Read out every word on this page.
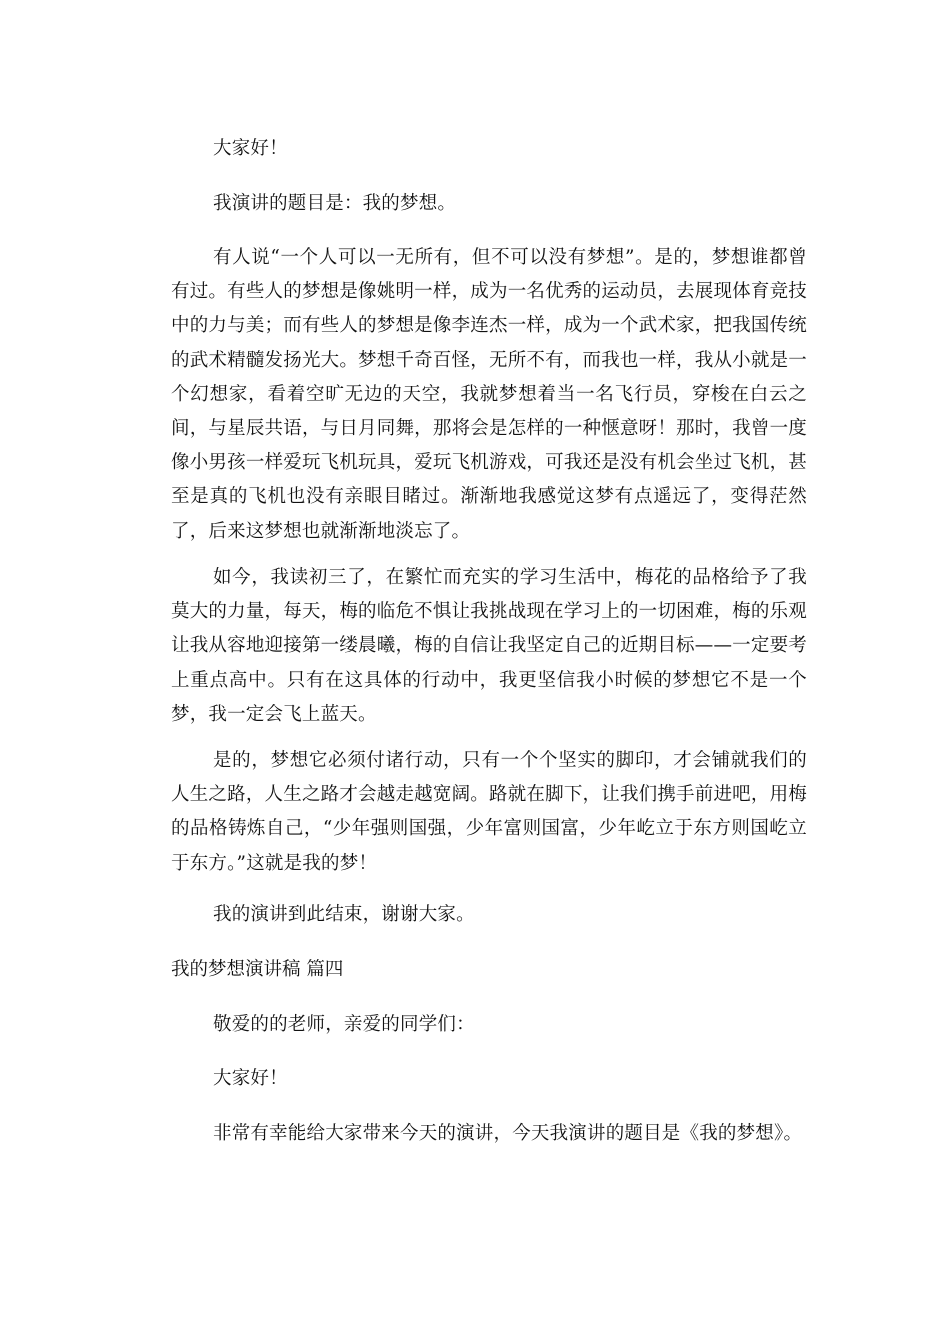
大家好！

我演讲的题目是：我的梦想。

有人说“一个人可以一无所有，但不可以没有梦想”。是的，梦想谁都曾有过。有些人的梦想是像姚明一样，成为一名优秀的运动员，去展现体育竞技中的力与美；而有些人的梦想是像李连杰一样，成为一个武术家，把我国传统的武术精髓发扬光大。梦想千奇百怪，无所不有，而我也一样，我从小就是一个幻想家，看着空旷无边的天空，我就梦想着当一名飞行员，穿梭在白云之间，与星辰共语，与日月同舞，那将会是怎样的一种惬意呀！那时，我曾一度像小男孩一样爱玩飞机玩具，爱玩飞机游戏，可我还是没有机会坐过飞机，甚至是真的飞机也没有亲眼目睹过。渐渐地我感觉这梦有点遥远了，变得茫然了，后来这梦想也就渐渐地淡忘了。

如今，我读初三了，在繁忙而充实的学习生活中，梅花的品格给予了我莫大的力量，每天，梅的临危不惧让我挑战现在学习上的一切困难，梅的乐观让我从容地迎接第一缕晨曦，梅的自信让我坚定自己的近期目标——一定要考上重点高中。只有在这具体的行动中，我更坚信我小时候的梦想它不是一个梦，我一定会飞上蓝天。

是的，梦想它必须付诸行动，只有一个个坚实的脚印，才会铺就我们的人生之路，人生之路才会越走越宽阔。路就在脚下，让我们携手前进吧，用梅的品格铸炼自己，“少年强则国强，少年富则国富，少年屹立于东方则国屹立于东方。”这就是我的梦！

我的演讲到此结束，谢谢大家。

我的梦想演讲稿 篇四

敬爱的的老师，亲爱的同学们：

大家好！

非常有幸能给大家带来今天的演讲，今天我演讲的题目是《我的梦想》。
